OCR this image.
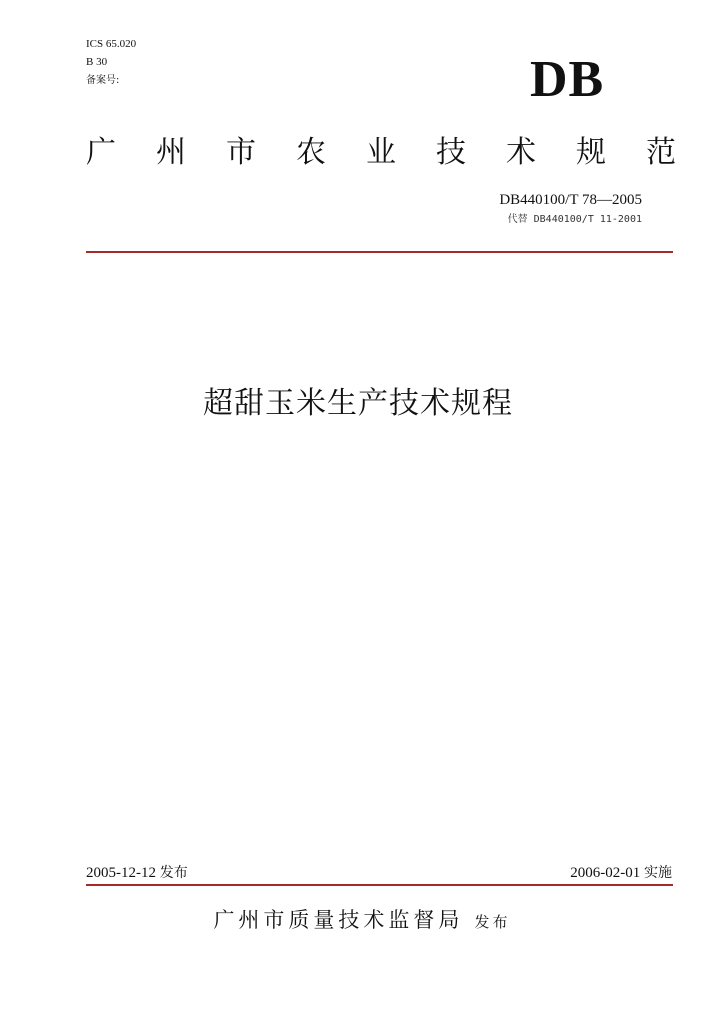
ICS 65.020
B 30
备案号:	DB
广 州 市 农 业 技 术 规 范
DB440100/T 78—2005
代替 DB440100/T 11-2001
超甜玉米生产技术规程
2005-12-12 发布	2006-02-01 实施
广州市质量技术监督局 发布
